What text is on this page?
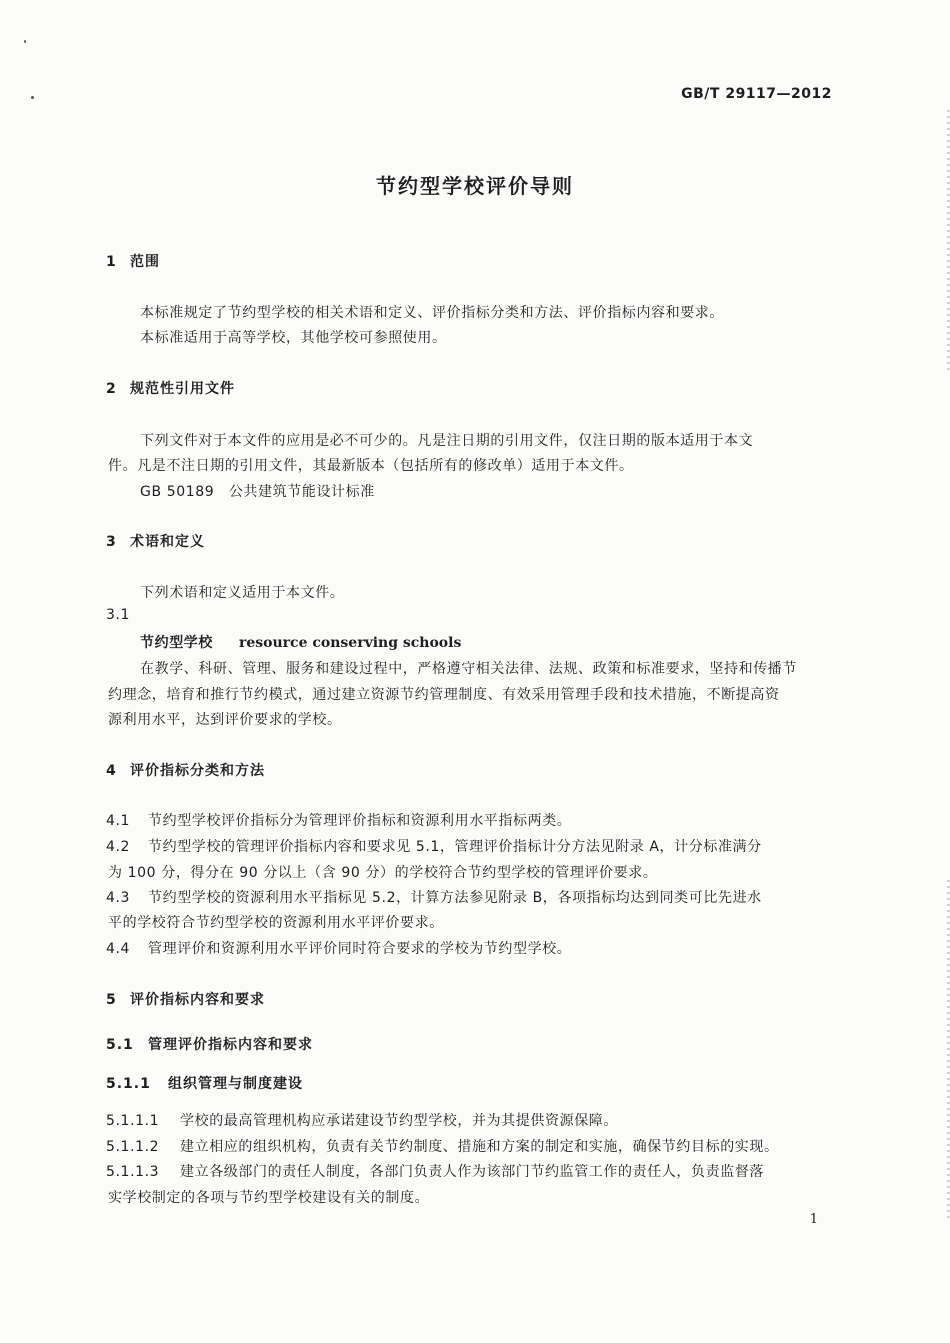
GB/T 29117—2012
节约型学校评价导则
1 范围
本标准规定了节约型学校的相关术语和定义、评价指标分类和方法、评价指标内容和要求。
本标准适用于高等学校，其他学校可参照使用。
2 规范性引用文件
下列文件对于本文件的应用是必不可少的。凡是注日期的引用文件，仅注日期的版本适用于本文
件。凡是不注日期的引用文件，其最新版本（包括所有的修改单）适用于本文件。
GB 50189　公共建筑节能设计标准
3 术语和定义
下列术语和定义适用于本文件。
3.1
节约型学校 resource conserving schools
在教学、科研、管理、服务和建设过程中，严格遵守相关法律、法规、政策和标准要求，坚持和传播节
约理念，培育和推行节约模式，通过建立资源节约管理制度、有效采用管理手段和技术措施，不断提高资
源利用水平，达到评价要求的学校。
4 评价指标分类和方法
4.1 节约型学校评价指标分为管理评价指标和资源利用水平指标两类。
4.2 节约型学校的管理评价指标内容和要求见 5.1，管理评价指标计分方法见附录 A，计分标准满分
为 100 分，得分在 90 分以上（含 90 分）的学校符合节约型学校的管理评价要求。
4.3 节约型学校的资源利用水平指标见 5.2，计算方法参见附录 B，各项指标均达到同类可比先进水
平的学校符合节约型学校的资源利用水平评价要求。
4.4 管理评价和资源利用水平评价同时符合要求的学校为节约型学校。
5 评价指标内容和要求
5.1 管理评价指标内容和要求
5.1.1 组织管理与制度建设
5.1.1.1 学校的最高管理机构应承诺建设节约型学校，并为其提供资源保障。
5.1.1.2 建立相应的组织机构，负责有关节约制度、措施和方案的制定和实施，确保节约目标的实现。
5.1.1.3 建立各级部门的责任人制度，各部门负责人作为该部门节约监管工作的责任人，负责监督落
实学校制定的各项与节约型学校建设有关的制度。
1
